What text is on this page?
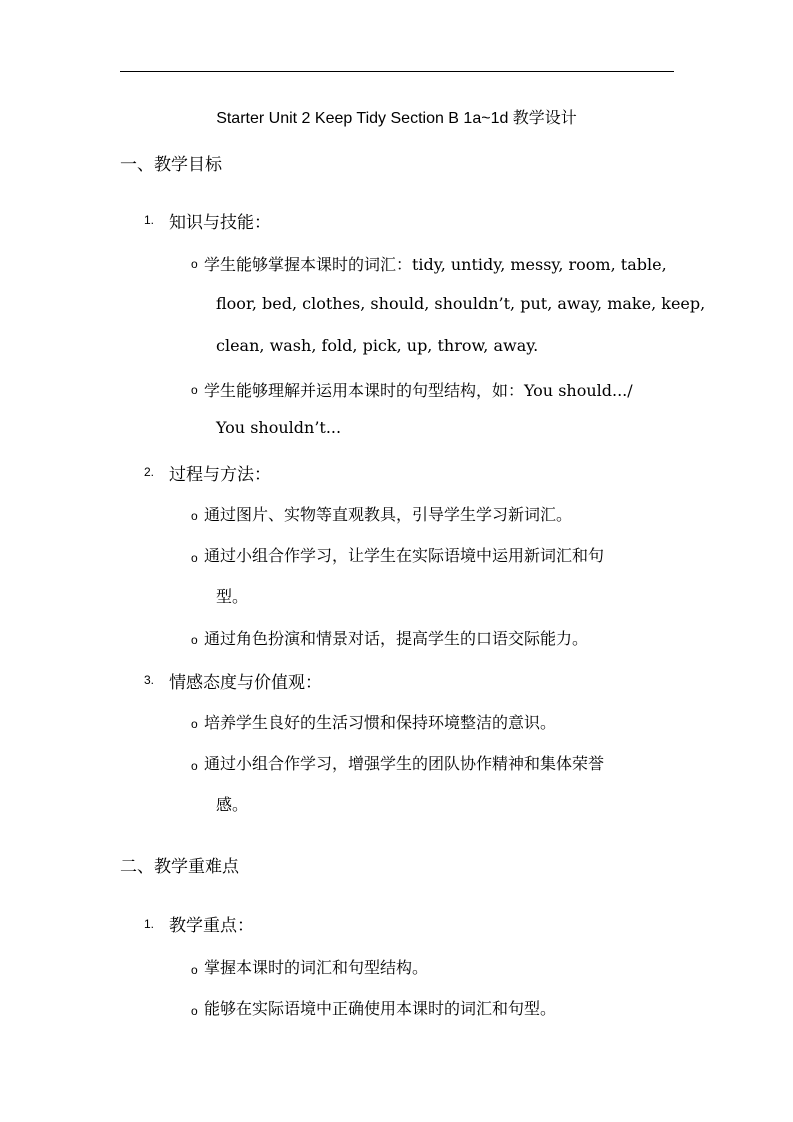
Starter Unit 2 Keep Tidy Section B 1a~1d 教学设计
一、教学目标
1. 知识与技能：
o 学生能够掌握本课时的词汇：tidy, untidy, messy, room, table,
floor, bed, clothes, should, shouldn’t, put, away, make, keep,
clean, wash, fold, pick, up, throw, away.
o 学生能够理解并运用本课时的句型结构，如：You should.../
You shouldn’t...
2. 过程与方法：
o 通过图片、实物等直观教具，引导学生学习新词汇。
o 通过小组合作学习，让学生在实际语境中运用新词汇和句
型。
o 通过角色扮演和情景对话，提高学生的口语交际能力。
3. 情感态度与价值观：
o 培养学生良好的生活习惯和保持环境整洁的意识。
o 通过小组合作学习，增强学生的团队协作精神和集体荣誉
感。
二、教学重难点
1. 教学重点：
o 掌握本课时的词汇和句型结构。
o 能够在实际语境中正确使用本课时的词汇和句型。
